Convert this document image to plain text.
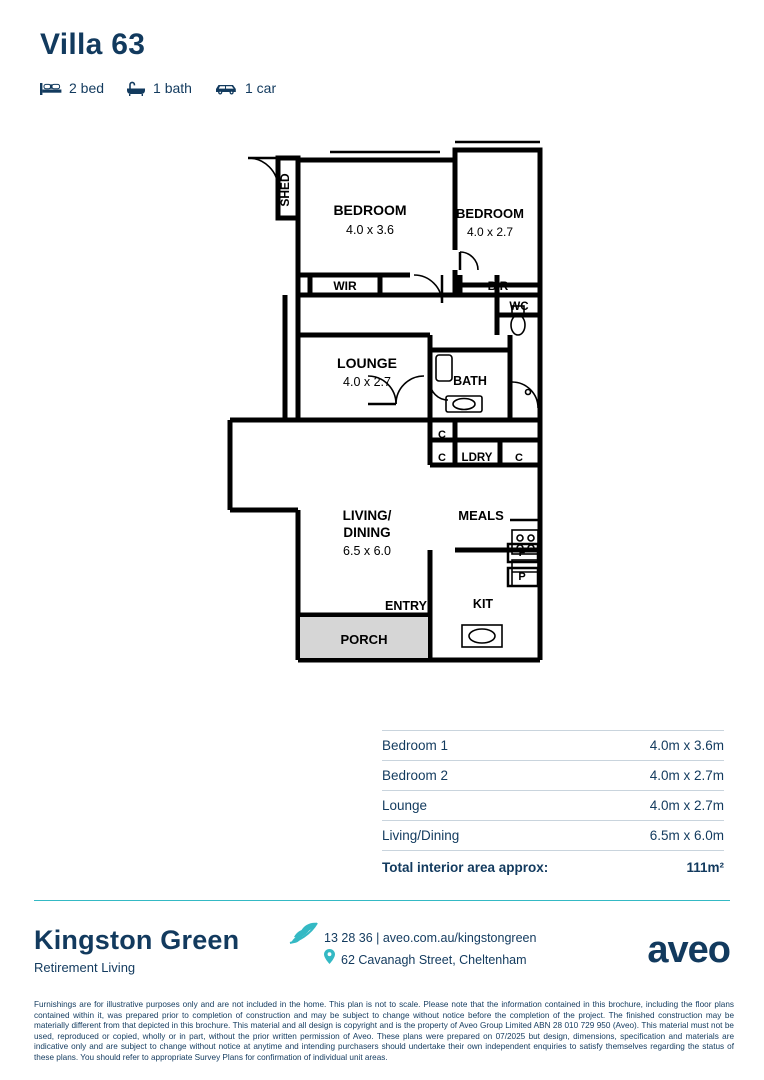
Villa 63
2 bed	1 bath	1 car
SHED
BEDROOM
4.0 x 3.6
BEDROOM
4.0 x 2.7
WIR	BIR
WC
LOUNGE
4.0 x 2.7	BATH
C
C LDRY C
LIVING/
DINING
6.5 x 6.0
MEALS
F
P
ENTRY	KIT
PORCH
Bedroom 1	4.0m x 3.6m
Bedroom 2	4.0m x 2.7m
Lounge	4.0m x 2.7m
Living/Dining	6.5m x 6.0m
Total interior area approx:	111m²
Kingston Green
Retirement Living
13 28 36 | aveo.com.au/kingstongreen
62 Cavanagh Street, Cheltenham	aveo
Furnishings are for illustrative purposes only and are not included in the home. This plan is not to scale. Please note that the information contained in this brochure, including the floor plans contained within it, was prepared prior to completion of construction and may be subject to change without notice before the completion of the project. The finished construction may be materially different from that depicted in this brochure. This material and all design is copyright and is the property of Aveo Group Limited ABN 28 010 729 950 (Aveo). This material must not be used, reproduced or copied, wholly or in part, without the prior written permission of Aveo. These plans were prepared on 07/2025 but design, dimensions, specification and materials are indicative only and are subject to change without notice at anytime and intending purchasers should undertake their own independent enquiries to satisfy themselves regarding the status of these plans. You should refer to appropriate Survey Plans for confirmation of individual unit areas.
